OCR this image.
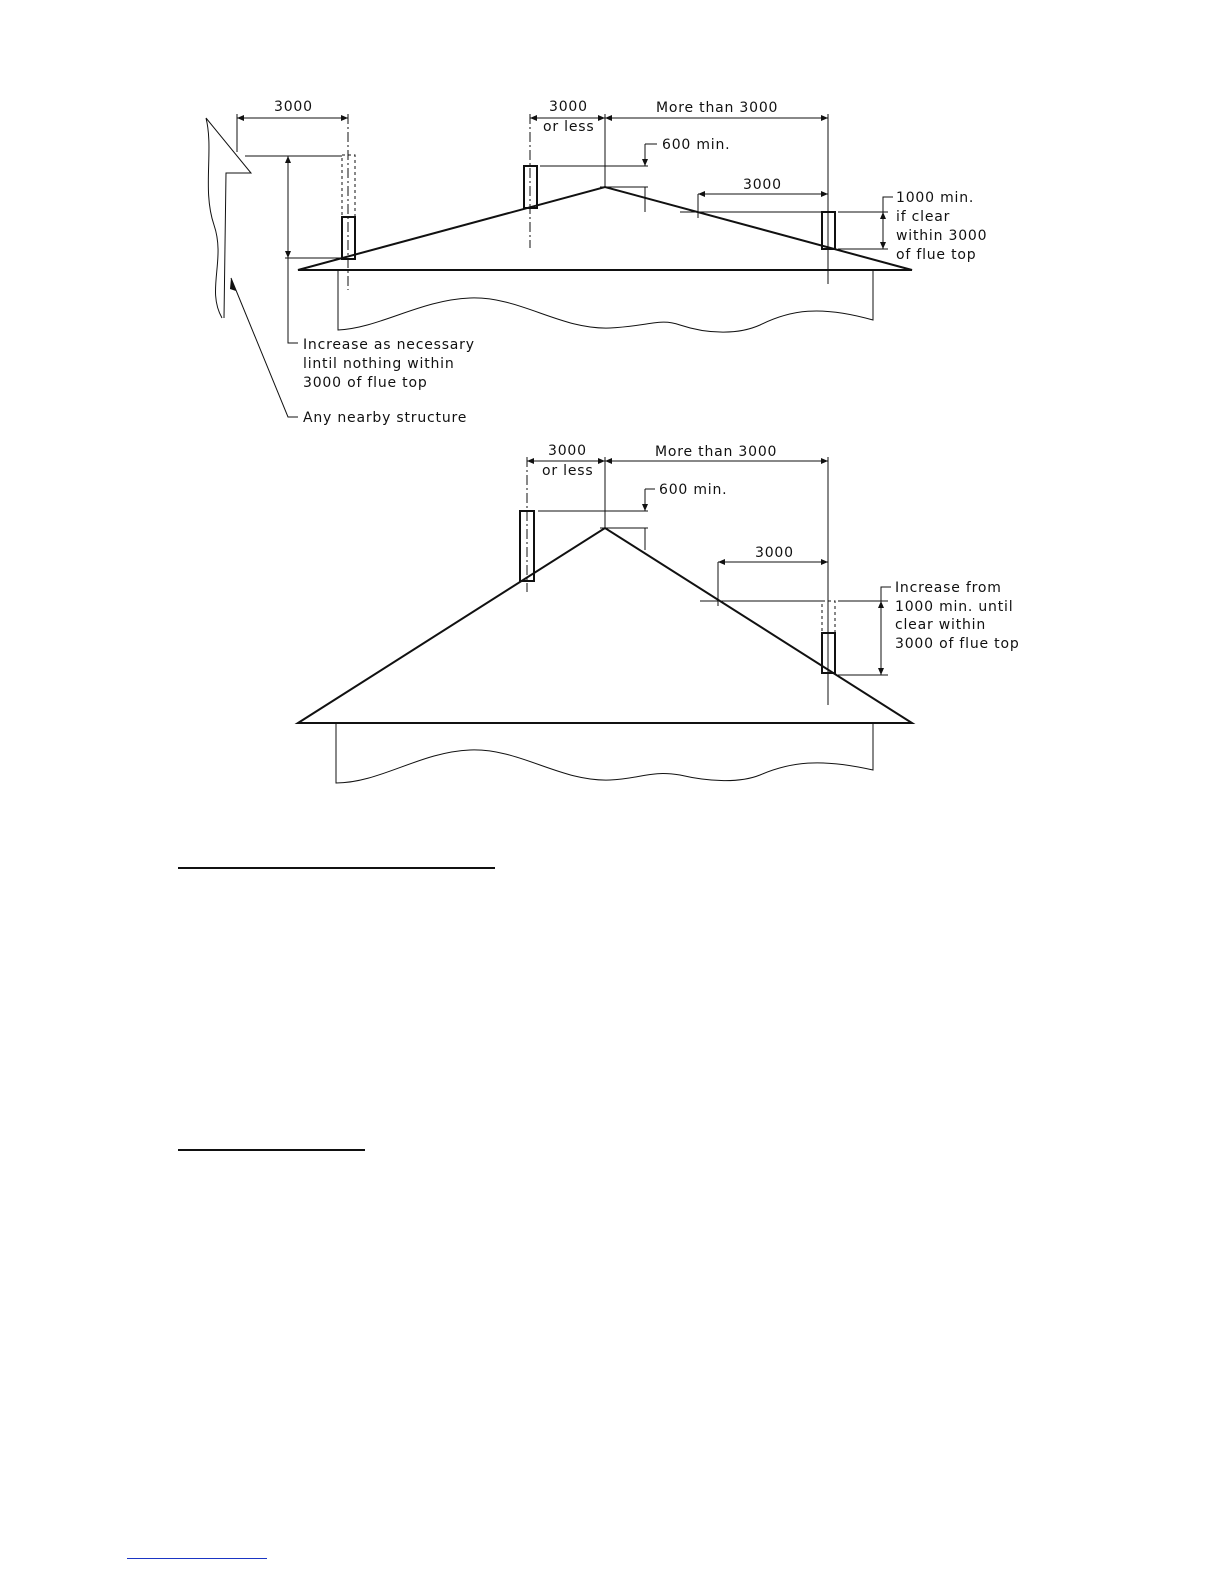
3000	3000
or less
More than 3000
600 min.
3000
1000 min.
if clear
within 3000
of flue top
Increase as necessary
lintil nothing within
3000 of flue top
Any nearby structure
3000
or less
More than 3000
600 min.
3000
Increase from
1000 min. until
clear within
3000 of flue top
